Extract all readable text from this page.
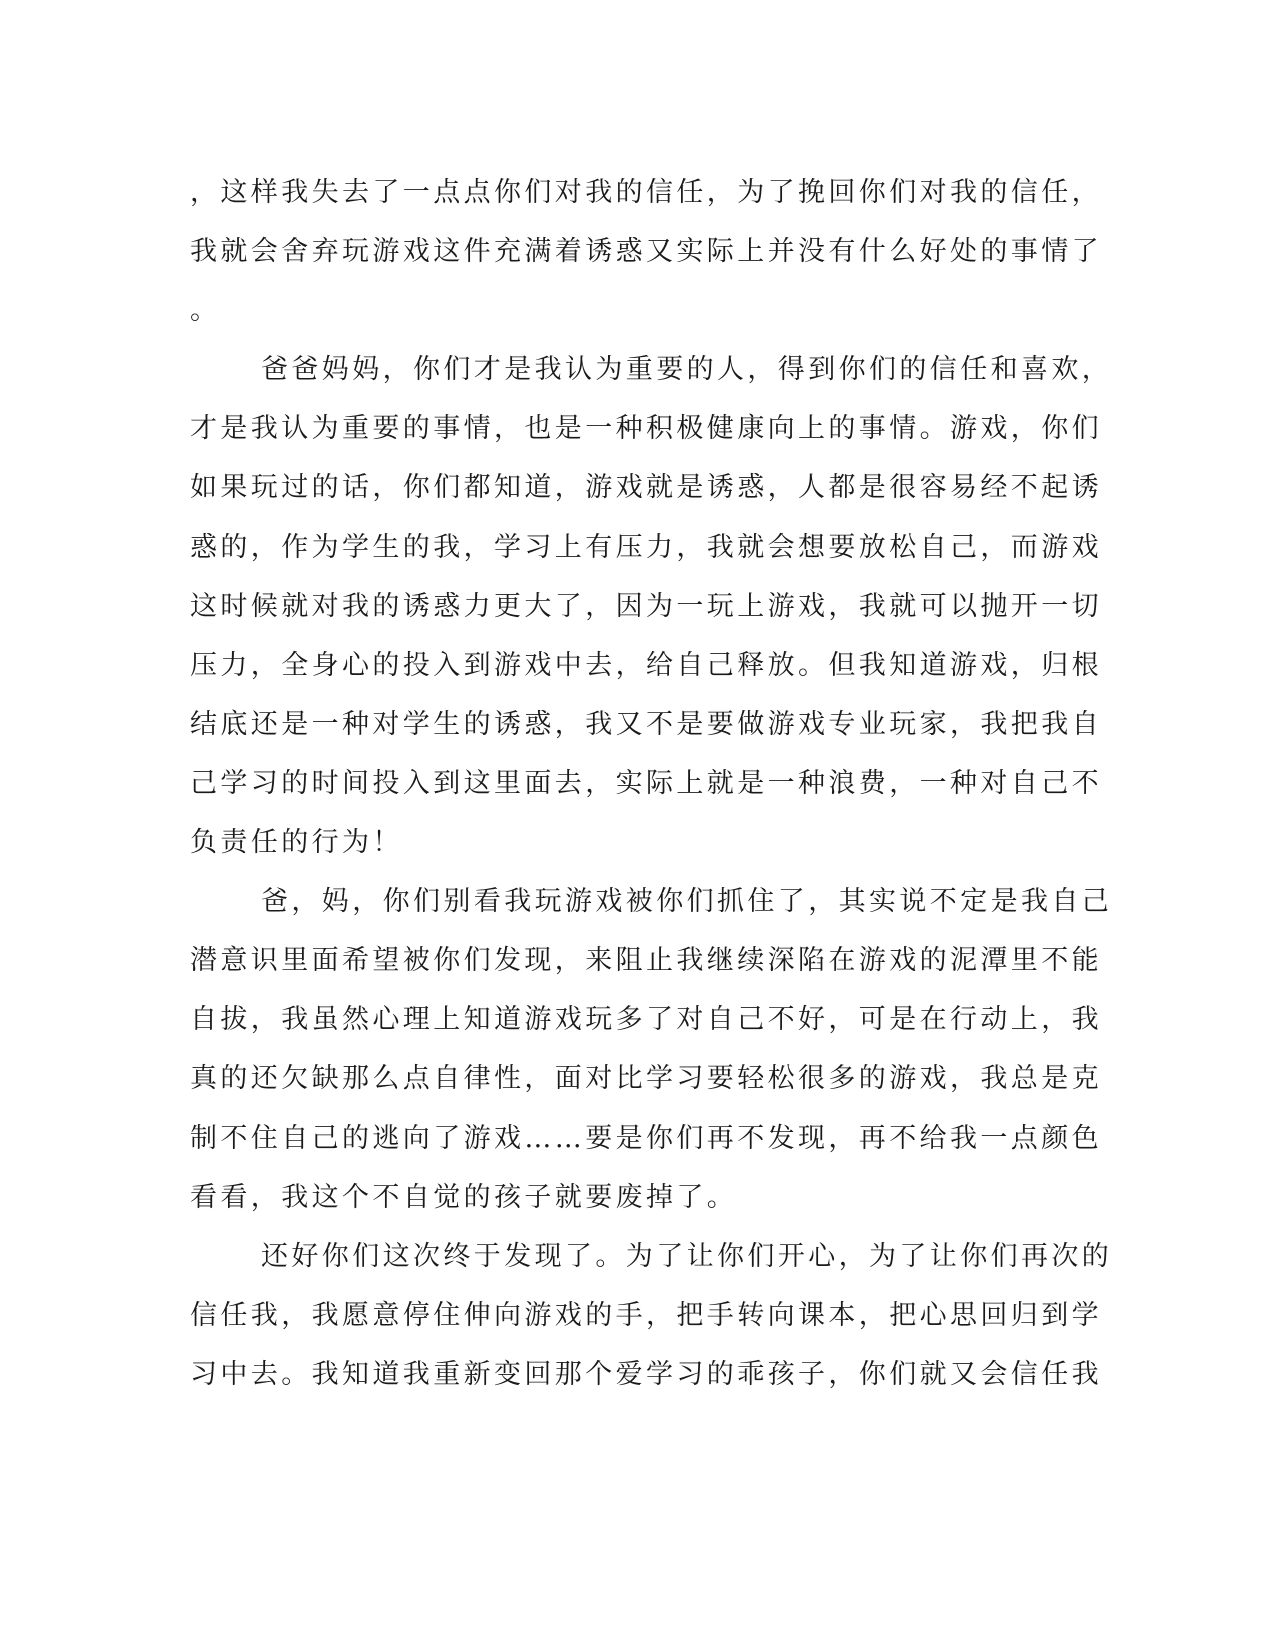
，这样我失去了一点点你们对我的信任，为了挽回你们对我的信任，
我就会舍弃玩游戏这件充满着诱惑又实际上并没有什么好处的事情了
。
爸爸妈妈，你们才是我认为重要的人，得到你们的信任和喜欢，
才是我认为重要的事情，也是一种积极健康向上的事情。游戏，你们
如果玩过的话，你们都知道，游戏就是诱惑，人都是很容易经不起诱
惑的，作为学生的我，学习上有压力，我就会想要放松自己，而游戏
这时候就对我的诱惑力更大了，因为一玩上游戏，我就可以抛开一切
压力，全身心的投入到游戏中去，给自己释放。但我知道游戏，归根
结底还是一种对学生的诱惑，我又不是要做游戏专业玩家，我把我自
己学习的时间投入到这里面去，实际上就是一种浪费，一种对自己不
负责任的行为！
爸，妈，你们别看我玩游戏被你们抓住了，其实说不定是我自己
潜意识里面希望被你们发现，来阻止我继续深陷在游戏的泥潭里不能
自拔，我虽然心理上知道游戏玩多了对自己不好，可是在行动上，我
真的还欠缺那么点自律性，面对比学习要轻松很多的游戏，我总是克
制不住自己的逃向了游戏……要是你们再不发现，再不给我一点颜色
看看，我这个不自觉的孩子就要废掉了。
还好你们这次终于发现了。为了让你们开心，为了让你们再次的
信任我，我愿意停住伸向游戏的手，把手转向课本，把心思回归到学
习中去。我知道我重新变回那个爱学习的乖孩子，你们就又会信任我
